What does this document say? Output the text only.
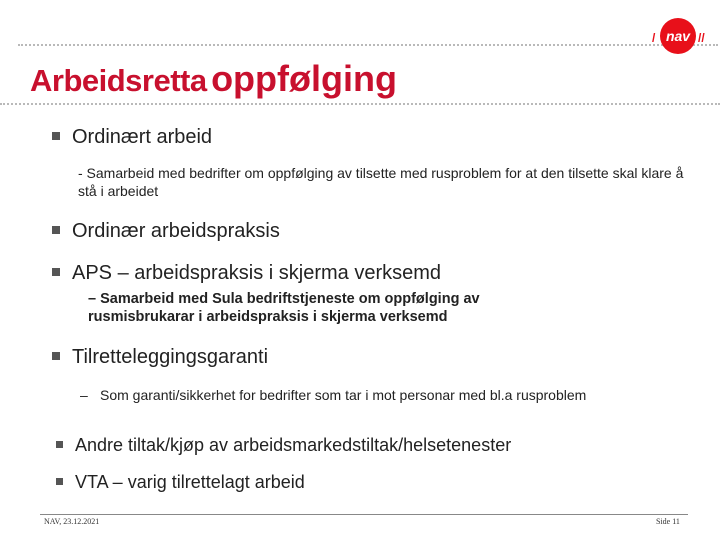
nav
/	//
Arbeidsretta oppfølging
Ordinært arbeid
- Samarbeid med bedrifter om oppfølging av tilsette med rusproblem for at den tilsette skal klare å stå i arbeidet
Ordinær arbeidspraksis
APS – arbeidspraksis i skjerma verksemd
– Samarbeid med Sula bedriftstjeneste om oppfølging av rusmisbrukarar i arbeidspraksis i skjerma verksemd
Tilretteleggingsgaranti
– Som garanti/sikkerhet for bedrifter som tar i mot personar med bl.a rusproblem
Andre tiltak/kjøp av arbeidsmarkedstiltak/helsetenester
VTA – varig tilrettelagt arbeid
NAV, 23.12.2021	Side 11
